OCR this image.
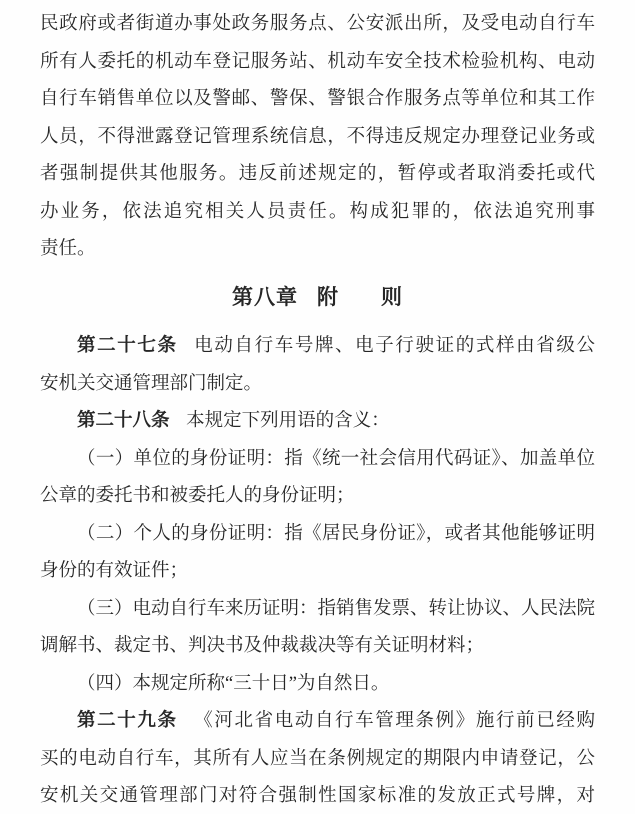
民政府或者街道办事处政务服务点、公安派出所，及受电动自行车
所有人委托的机动车登记服务站、机动车安全技术检验机构、电动
自行车销售单位以及警邮、警保、警银合作服务点等单位和其工作
人员，不得泄露登记管理系统信息，不得违反规定办理登记业务或
者强制提供其他服务。违反前述规定的，暂停或者取消委托或代
办业务，依法追究相关人员责任。构成犯罪的，依法追究刑事
责任。
第八章 附 则
第二十七条 电动自行车号牌、电子行驶证的式样由省级公
安机关交通管理部门制定。
第二十八条 本规定下列用语的含义：
（一）单位的身份证明：指《统一社会信用代码证》、加盖单位
公章的委托书和被委托人的身份证明；
（二）个人的身份证明：指《居民身份证》，或者其他能够证明
身份的有效证件；
（三）电动自行车来历证明：指销售发票、转让协议、人民法院
调解书、裁定书、判决书及仲裁裁决等有关证明材料；
（四）本规定所称“三十日”为自然日。
第二十九条 《河北省电动自行车管理条例》施行前已经购
买的电动自行车，其所有人应当在条例规定的期限内申请登记，公
安机关交通管理部门对符合强制性国家标准的发放正式号牌，对
